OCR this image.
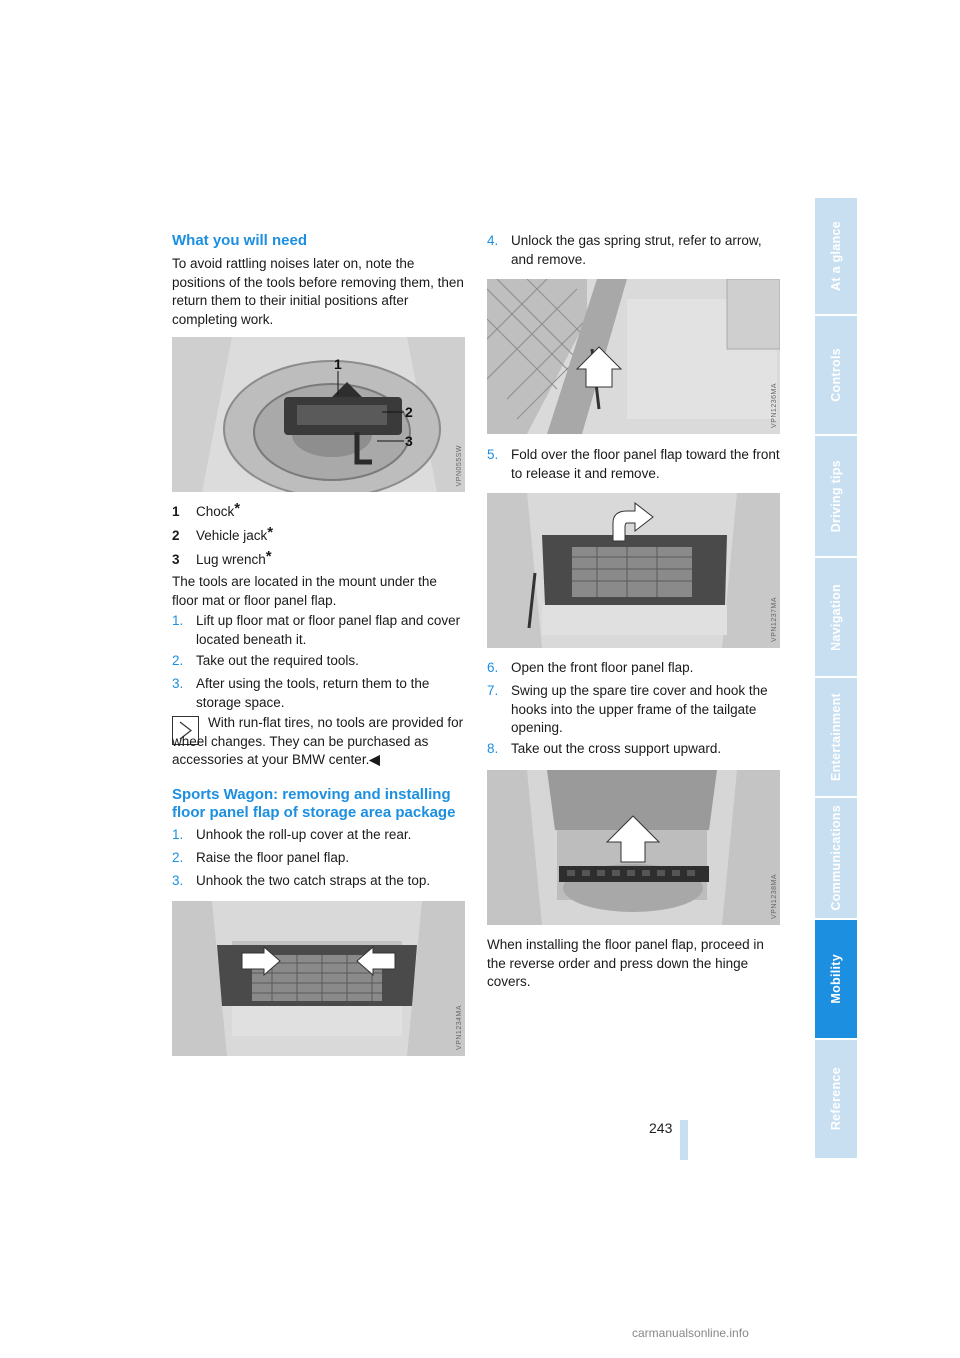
What you will need

To avoid rattling noises later on, note the positions of the tools before removing them, then return them to their initial positions after completing work.

1
2
3
VPN055SW
1 Chock*
2 Vehicle jack*
3 Lug wrench*

The tools are located in the mount under the floor mat or floor panel flap.

1. Lift up floor mat or floor panel flap and cover located beneath it.
2. Take out the required tools.
3. After using the tools, return them to the storage space.

With run-flat tires, no tools are provided for wheel changes. They can be purchased as accessories at your BMW center.◀

Sports Wagon: removing and installing
floor panel flap of storage area package
1. Unhook the roll-up cover at the rear.
2. Raise the floor panel flap.
3. Unhook the two catch straps at the top.
VPN1234MA
4. Unlock the gas spring strut, refer to arrow, and remove.
VPN1236MA
5. Fold over the floor panel flap toward the front to release it and remove.
VPN1237MA
6. Open the front floor panel flap.
7. Swing up the spare tire cover and hook the hooks into the upper frame of the tailgate opening.
8. Take out the cross support upward.
VPN1238MA

When installing the floor panel flap, proceed in the reverse order and press down the hinge covers.

At a glance
Controls
Driving tips
Navigation
Entertainment
Communications
Mobility
Reference
243
carmanualsonline.info
